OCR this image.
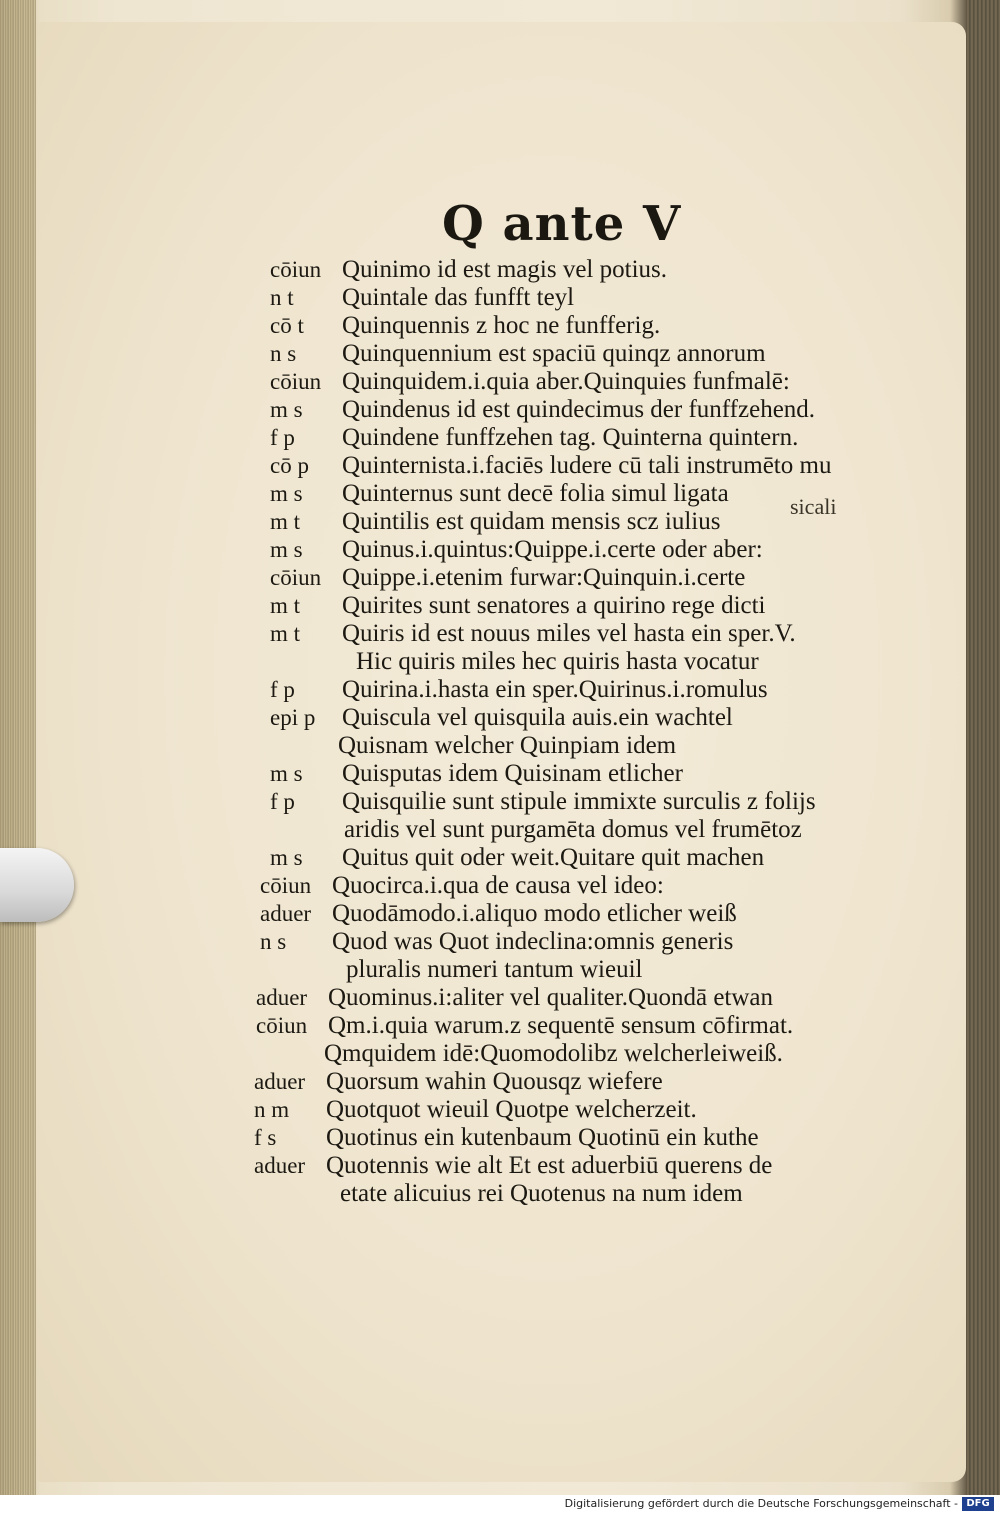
Q ante V
cōiun Quinimo id est magis vel potius.
n t Quintale das funfft teyl
cō t Quinquennis z hoc ne funfferig.
n s Quinquennium est spaciū quinqz annorum
cōiun Quinquidem.i.quia aber.Quinquies funfmalē:
m s Quindenus id est quindecimus der funffzehend.
f p Quindene funffzehen tag. Quinterna quintern.
cō p Quinternista.i.faciēs ludere cū tali instrumēto mu
m s Quinternus sunt decē folia simul ligata
m t Quintilis est quidam mensis scz iulius
m s Quinus.i.quintus:Quippe.i.certe oder aber:
cōiun Quippe.i.etenim furwar:Quinquin.i.certe
m t Quirites sunt senatores a quirino rege dicti
m t Quiris id est nouus miles vel hasta ein sper.V.
Hic quiris miles hec quiris hasta vocatur
f p Quirina.i.hasta ein sper.Quirinus.i.romulus
epi p Quiscula vel quisquila auis.ein wachtel
Quisnam welcher Quinpiam idem
m s Quisputas idem Quisinam etlicher
f p Quisquilie sunt stipule immixte surculis z folijs
aridis vel sunt purgamēta domus vel frumētoz
m s Quitus quit oder weit.Quitare quit machen
cōiun Quocirca.i.qua de causa vel ideo:
aduer Quodāmodo.i.aliquo modo etlicher weiß
n s Quod was Quot indeclina:omnis generis
pluralis numeri tantum wieuil
aduer Quominus.i:aliter vel qualiter.Quondā etwan
cōiun Qm.i.quia warum.z sequentē sensum cōfirmat.
Qmquidem idē:Quomodolibz welcherleiweiß.
aduer Quorsum wahin Quousqz wiefere
n m Quotquot wieuil Quotpe welcherzeit.
f s Quotinus ein kutenbaum Quotinū ein kuthe
aduer Quotennis wie alt Et est aduerbiū querens de
etate alicuius rei Quotenus na num idem
sicali
Digitalisierung gefördert durch die Deutsche Forschungsgemeinschaft - DFG
